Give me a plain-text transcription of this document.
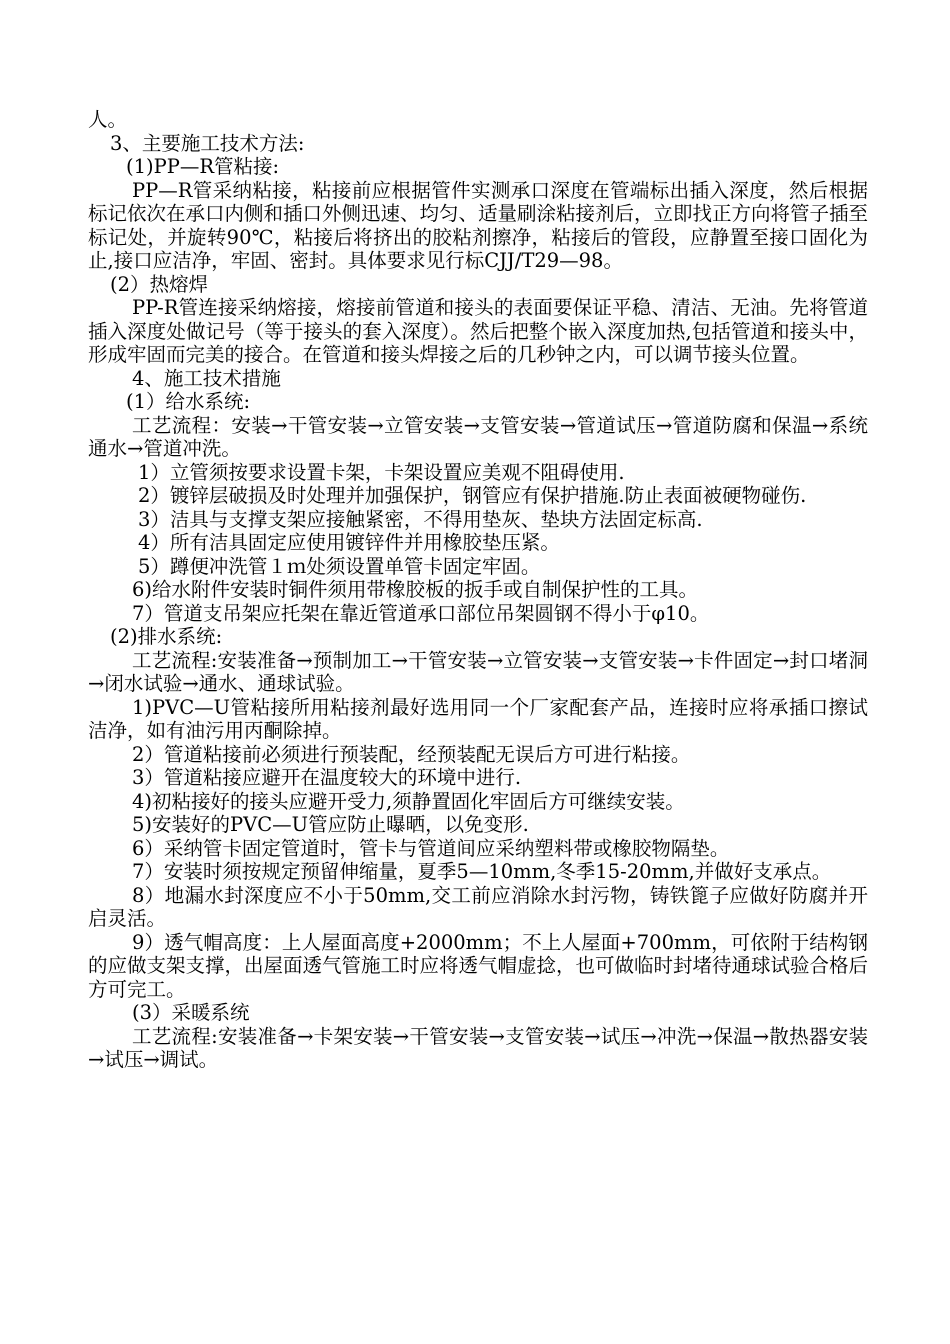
人。

3、主要施工技术方法:

(1)PP—R管粘接:

PP—R管采纳粘接，粘接前应根据管件实测承口深度在管端标出插入深度，然后根据标记依次在承口内侧和插口外侧迅速、均匀、适量刷涂粘接剂后，立即找正方向将管子插至标记处，并旋转90℃，粘接后将挤出的胶粘剂擦净，粘接后的管段，应静置至接口固化为止,接口应洁净，牢固、密封。具体要求见行标CJJ/T29—98。

(2）热熔焊

PP-R管连接采纳熔接，熔接前管道和接头的表面要保证平稳、清洁、无油。先将管道插入深度处做记号（等于接头的套入深度）。然后把整个嵌入深度加热,包括管道和接头中，形成牢固而完美的接合。在管道和接头焊接之后的几秒钟之内，可以调节接头位置。

4、施工技术措施

(1）给水系统:

工艺流程：安装→干管安装→立管安装→支管安装→管道试压→管道防腐和保温→系统通水→管道冲洗。

1）立管须按要求设置卡架，卡架设置应美观不阻碍使用.

2）镀锌层破损及时处理并加强保护，钢管应有保护措施.防止表面被硬物碰伤.

3）洁具与支撑支架应接触紧密，不得用垫灰、垫块方法固定标高.

4）所有洁具固定应使用镀锌件并用橡胶垫压紧。

5）蹲便冲洗管１ｍ处须设置单管卡固定牢固。

6)给水附件安装时铜件须用带橡胶板的扳手或自制保护性的工具。

7）管道支吊架应托架在靠近管道承口部位吊架圆钢不得小于φ10。

(2)排水系统:

工艺流程:安装准备→预制加工→干管安装→立管安装→支管安装→卡件固定→封口堵洞→闭水试验→通水、通球试验。

1)PVC—U管粘接所用粘接剂最好选用同一个厂家配套产品，连接时应将承插口擦试洁净，如有油污用丙酮除掉。

2）管道粘接前必须进行预装配，经预装配无误后方可进行粘接。

3）管道粘接应避开在温度较大的环境中进行.

4)初粘接好的接头应避开受力,须静置固化牢固后方可继续安装。

5)安装好的PVC—U管应防止曝晒，以免变形.

6）采纳管卡固定管道时，管卡与管道间应采纳塑料带或橡胶物隔垫。

7）安装时须按规定预留伸缩量，夏季5—10mm,冬季15-20mm,并做好支承点。

8）地漏水封深度应不小于50mm,交工前应消除水封污物，铸铁篦子应做好防腐并开启灵活。

9）透气帽高度：上人屋面高度+2000mm；不上人屋面+700mm，可依附于结构钢的应做支架支撑，出屋面透气管施工时应将透气帽虚捻，也可做临时封堵待通球试验合格后方可完工。

(3）采暖系统

工艺流程:安装准备→卡架安装→干管安装→支管安装→试压→冲洗→保温→散热器安装→试压→调试。
